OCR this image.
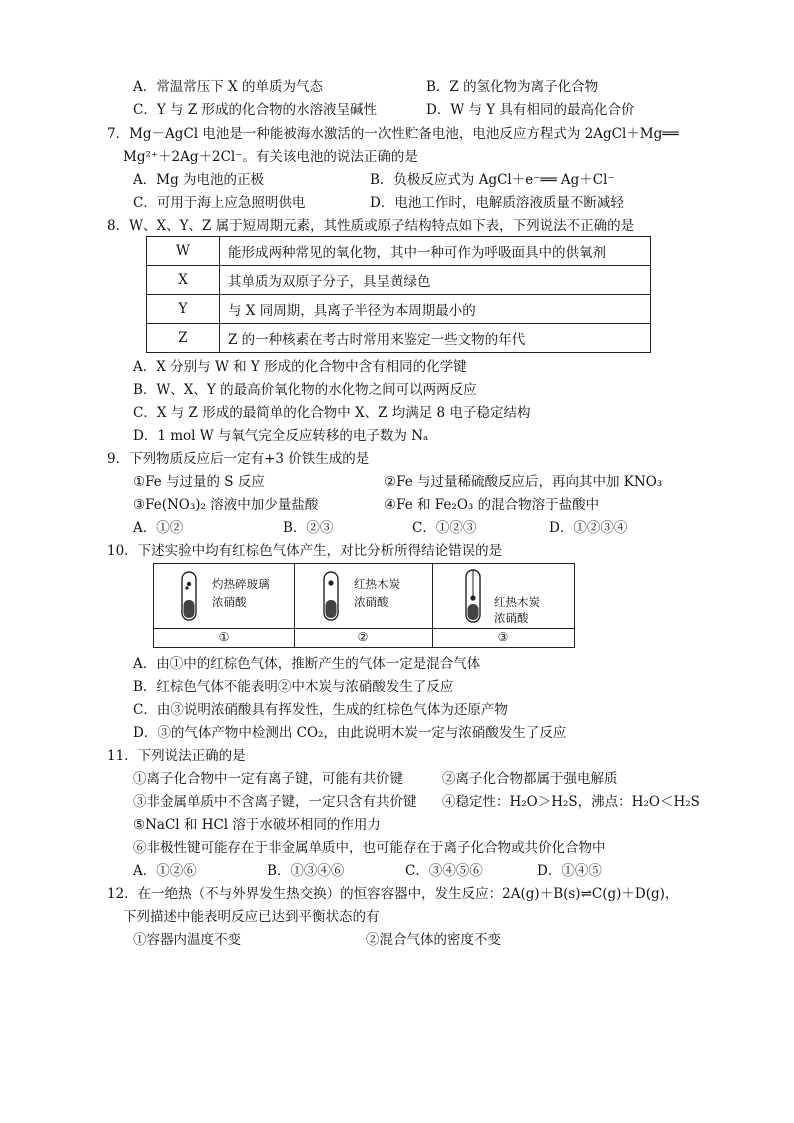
A．常温常压下 X 的单质为气态	B．Z 的氢化物为离子化合物
C．Y 与 Z 形成的化合物的水溶液呈碱性	D．W 与 Y 具有相同的最高化合价
7．Mg－AgCl 电池是一种能被海水激活的一次性贮备电池，电池反应方程式为 2AgCl＋Mg══
Mg²⁺＋2Ag＋2Cl⁻。有关该电池的说法正确的是
A．Mg 为电池的正极	B．负极反应式为 AgCl＋e⁻══ Ag＋Cl⁻
C．可用于海上应急照明供电	D．电池工作时，电解质溶液质量不断减轻
8．W、X、Y、Z 属于短周期元素，其性质或原子结构特点如下表，下列说法不正确的是
W	能形成两种常见的氧化物，其中一种可作为呼吸面具中的供氧剂
X	其单质为双原子分子，具呈黄绿色
Y	与 X 同周期，具离子半径为本周期最小的
Z	Z 的一种核素在考古时常用来鉴定一些文物的年代
A．X 分别与 W 和 Y 形成的化合物中含有相同的化学键
B．W、X、Y 的最高价氧化物的水化物之间可以两两反应
C．X 与 Z 形成的最简单的化合物中 X、Z 均满足 8 电子稳定结构
D．1 mol W 与氧气完全反应转移的电子数为 Nₐ
9．下列物质反应后一定有+3 价铁生成的是
①Fe 与过量的 S 反应	②Fe 与过量稀硫酸反应后，再向其中加 KNO₃
③Fe(NO₃)₂ 溶液中加少量盐酸	④Fe 和 Fe₂O₃ 的混合物溶于盐酸中
A．①②	B．②③	C．①②③	D．①②③④
10．下述实验中均有红棕色气体产生，对比分析所得结论错误的是
灼热碎玻璃
浓硝酸
①
红热木炭
浓硝酸
②
红热木炭
浓硝酸
③
A．由①中的红棕色气体，推断产生的气体一定是混合气体
B．红棕色气体不能表明②中木炭与浓硝酸发生了反应
C．由③说明浓硝酸具有挥发性，生成的红棕色气体为还原产物
D．③的气体产物中检测出 CO₂，由此说明木炭一定与浓硝酸发生了反应
11．下列说法正确的是
①离子化合物中一定有离子键，可能有共价键	②离子化合物都属于强电解质
③非金属单质中不含离子键，一定只含有共价键 ④稳定性：H₂O＞H₂S，沸点：H₂O＜H₂S
⑤NaCl 和 HCl 溶于水破坏相同的作用力
⑥非极性键可能存在于非金属单质中，也可能存在于离子化合物或共价化合物中
A．①②⑥	B．①③④⑥	C．③④⑤⑥	D．①④⑤
12．在一绝热（不与外界发生热交换）的恒容容器中，发生反应：2A(g)＋B(s)⇌C(g)＋D(g)，
下列描述中能表明反应已达到平衡状态的有
①容器内温度不变	②混合气体的密度不变
